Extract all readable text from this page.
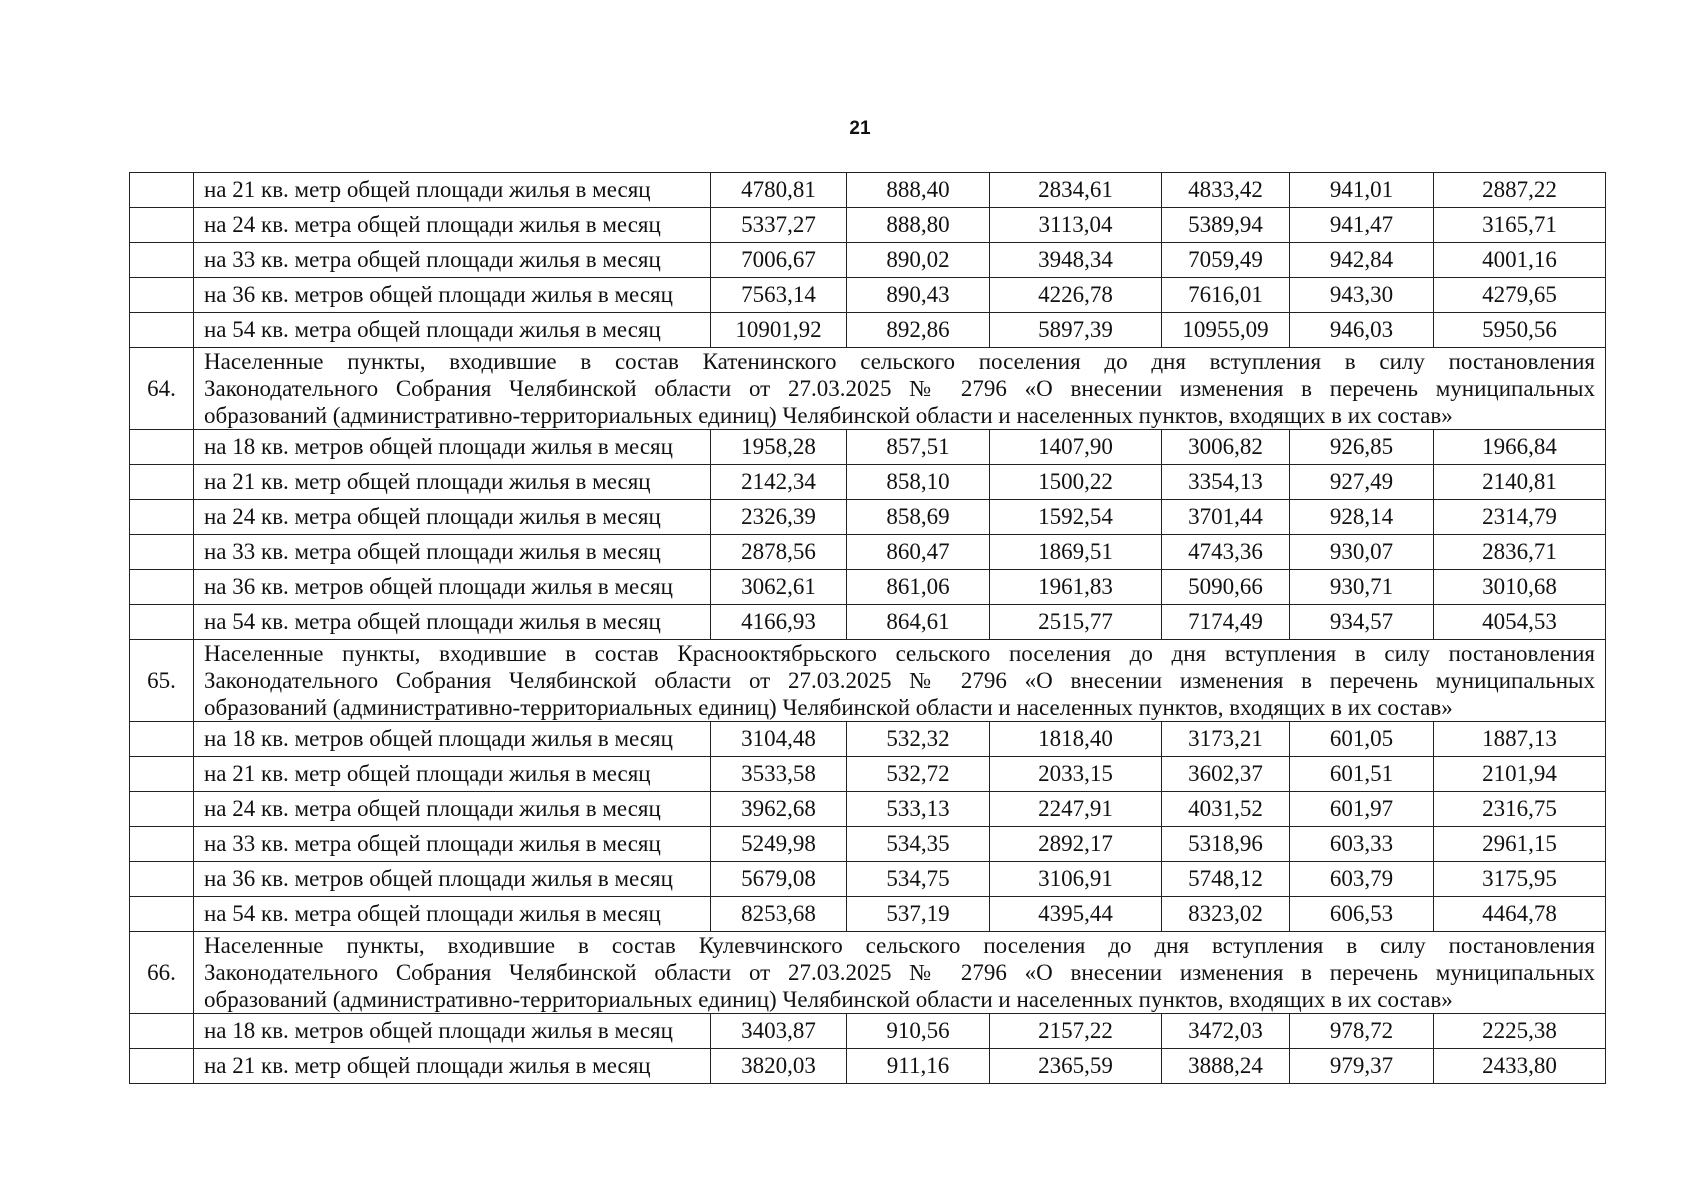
21
	на 21 кв. метр общей площади жилья в месяц	4780,81	888,40	2834,61	4833,42	941,01	2887,22
	на 24 кв. метра общей площади жилья в месяц	5337,27	888,80	3113,04	5389,94	941,47	3165,71
	на 33 кв. метра общей площади жилья в месяц	7006,67	890,02	3948,34	7059,49	942,84	4001,16
	на 36 кв. метров общей площади жилья в месяц	7563,14	890,43	4226,78	7616,01	943,30	4279,65
	на 54 кв. метра общей площади жилья в месяц	10901,92	892,86	5897,39	10955,09	946,03	5950,56
64.	Населенные пункты, входившие в состав Катенинского сельского поселения до дня вступления в силу постановления
Законодательного Собрания Челябинской области от 27.03.2025 № 2796 «О внесении изменения в перечень муниципальных
образований (административно-территориальных единиц) Челябинской области и населенных пунктов, входящих в их состав»						

	на 18 кв. метров общей площади жилья в месяц	1958,28	857,51	1407,90	3006,82	926,85	1966,84
	на 21 кв. метр общей площади жилья в месяц	2142,34	858,10	1500,22	3354,13	927,49	2140,81
	на 24 кв. метра общей площади жилья в месяц	2326,39	858,69	1592,54	3701,44	928,14	2314,79
	на 33 кв. метра общей площади жилья в месяц	2878,56	860,47	1869,51	4743,36	930,07	2836,71
	на 36 кв. метров общей площади жилья в месяц	3062,61	861,06	1961,83	5090,66	930,71	3010,68
	на 54 кв. метра общей площади жилья в месяц	4166,93	864,61	2515,77	7174,49	934,57	4054,53
65.	Населенные пункты, входившие в состав Краснооктябрьского сельского поселения до дня вступления в силу постановления
Законодательного Собрания Челябинской области от 27.03.2025 № 2796 «О внесении изменения в перечень муниципальных
образований (административно-территориальных единиц) Челябинской области и населенных пунктов, входящих в их состав»						

	на 18 кв. метров общей площади жилья в месяц	3104,48	532,32	1818,40	3173,21	601,05	1887,13
	на 21 кв. метр общей площади жилья в месяц	3533,58	532,72	2033,15	3602,37	601,51	2101,94
	на 24 кв. метра общей площади жилья в месяц	3962,68	533,13	2247,91	4031,52	601,97	2316,75
	на 33 кв. метра общей площади жилья в месяц	5249,98	534,35	2892,17	5318,96	603,33	2961,15
	на 36 кв. метров общей площади жилья в месяц	5679,08	534,75	3106,91	5748,12	603,79	3175,95
	на 54 кв. метра общей площади жилья в месяц	8253,68	537,19	4395,44	8323,02	606,53	4464,78
66.	Населенные пункты, входившие в состав Кулевчинского сельского поселения до дня вступления в силу постановления
Законодательного Собрания Челябинской области от 27.03.2025 № 2796 «О внесении изменения в перечень муниципальных
образований (административно-территориальных единиц) Челябинской области и населенных пунктов, входящих в их состав»						

	на 18 кв. метров общей площади жилья в месяц	3403,87	910,56	2157,22	3472,03	978,72	2225,38
	на 21 кв. метр общей площади жилья в месяц	3820,03	911,16	2365,59	3888,24	979,37	2433,80
